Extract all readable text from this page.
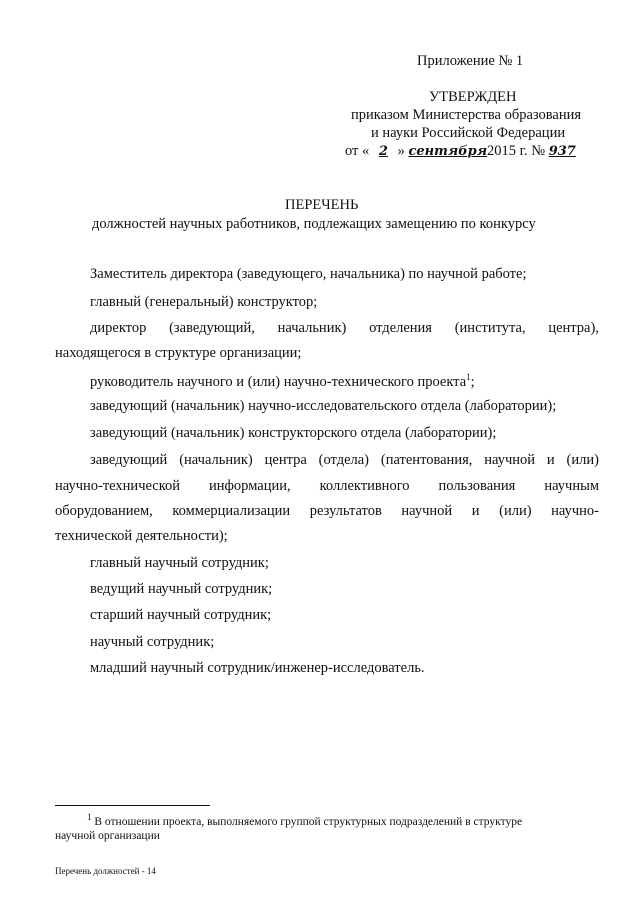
Приложение № 1
УТВЕРЖДЕН
приказом Министерства образования
и науки Российской Федерации
от « 2 » сентября2015 г. № 937
ПЕРЕЧЕНЬ
должностей научных работников, подлежащих замещению по конкурсу
Заместитель директора (заведующего, начальника) по научной работе;
главный (генеральный) конструктор;
директор (заведующий, начальник) отделения (института, центра),
находящегося в структуре организации;
руководитель научного и (или) научно-технического проекта$^1$;
заведующий (начальник) научно-исследовательского отдела (лаборатории);
заведующий (начальник) конструкторского отдела (лаборатории);
заведующий (начальник) центра (отдела) (патентования, научной и (или)
научно-технической информации, коллективного пользования научным
оборудованием, коммерциализации результатов научной и (или) научно-
технической деятельности);
главный научный сотрудник;
ведущий научный сотрудник;
старший научный сотрудник;
научный сотрудник;
младший научный сотрудник/инженер-исследователь.
$^1$ В отношении проекта, выполняемого группой структурных подразделений в структуре
научной организации
Перечень должностей - 14
